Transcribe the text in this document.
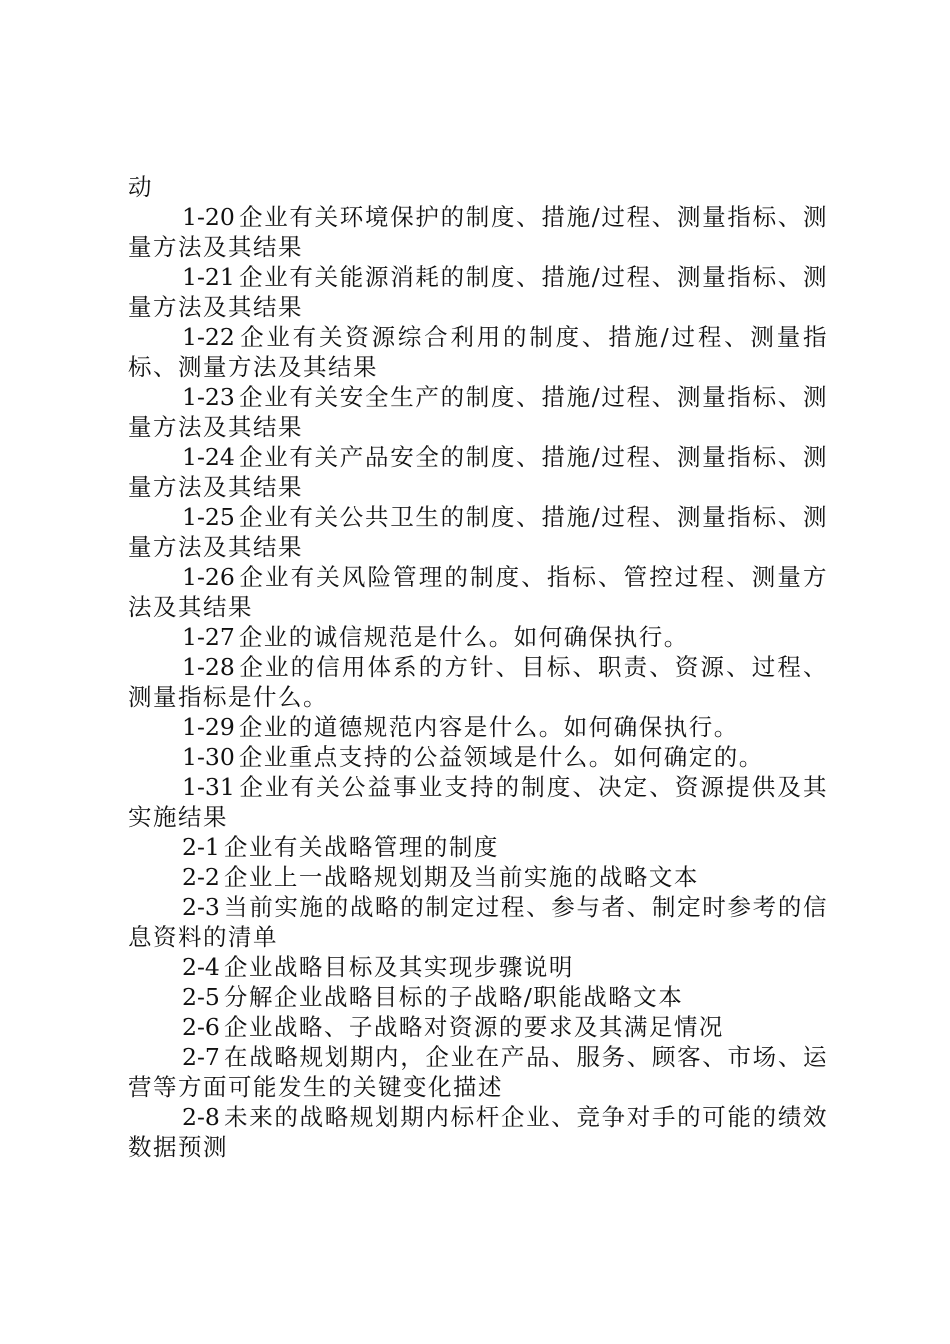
动

1-20 企业有关环境保护的制度、措施/过程、测量指标、测量方法及其结果

1-21 企业有关能源消耗的制度、措施/过程、测量指标、测量方法及其结果

1-22 企业有关资源综合利用的制度、措施/过程、测量指标、测量方法及其结果

1-23 企业有关安全生产的制度、措施/过程、测量指标、测量方法及其结果

1-24 企业有关产品安全的制度、措施/过程、测量指标、测量方法及其结果

1-25 企业有关公共卫生的制度、措施/过程、测量指标、测量方法及其结果

1-26 企业有关风险管理的制度、指标、管控过程、测量方法及其结果

1-27 企业的诚信规范是什么。如何确保执行。

1-28 企业的信用体系的方针、目标、职责、资源、过程、测量指标是什么。

1-29 企业的道德规范内容是什么。如何确保执行。

1-30 企业重点支持的公益领域是什么。如何确定的。

1-31 企业有关公益事业支持的制度、决定、资源提供及其实施结果

2-1 企业有关战略管理的制度

2-2 企业上一战略规划期及当前实施的战略文本

2-3 当前实施的战略的制定过程、参与者、制定时参考的信息资料的清单

2-4 企业战略目标及其实现步骤说明

2-5 分解企业战略目标的子战略/职能战略文本

2-6 企业战略、子战略对资源的要求及其满足情况

2-7 在战略规划期内，企业在产品、服务、顾客、市场、运营等方面可能发生的关键变化描述

2-8 未来的战略规划期内标杆企业、竞争对手的可能的绩效数据预测
